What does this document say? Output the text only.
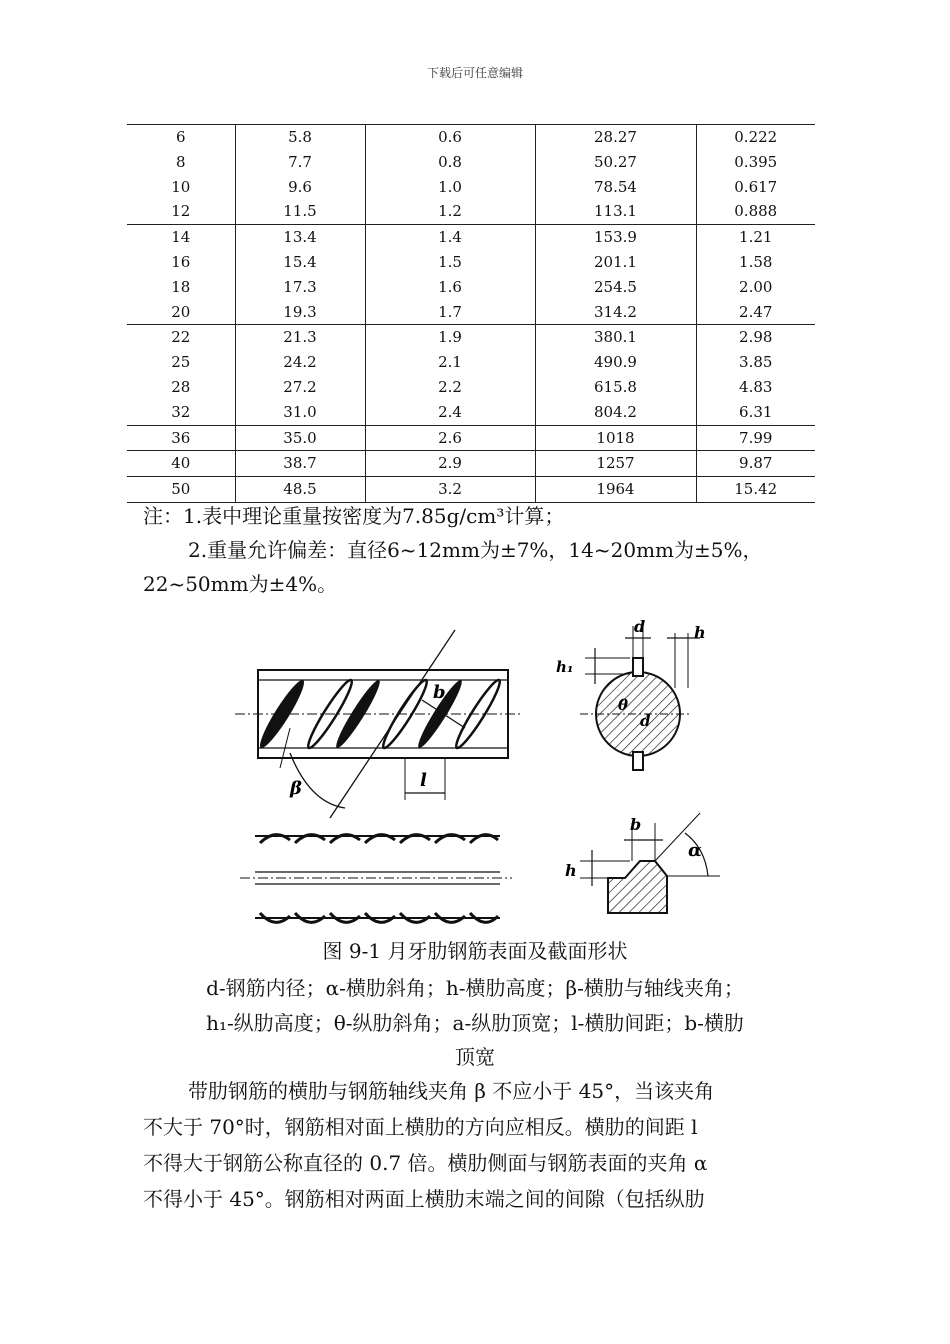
下载后可任意编辑
6	5.8	0.6	28.27	0.222
8	7.7	0.8	50.27	0.395
10	9.6	1.0	78.54	0.617
12	11.5	1.2	113.1	0.888
14	13.4	1.4	153.9	1.21
16	15.4	1.5	201.1	1.58
18	17.3	1.6	254.5	2.00
20	19.3	1.7	314.2	2.47
22	21.3	1.9	380.1	2.98
25	24.2	2.1	490.9	3.85
28	27.2	2.2	615.8	4.83
32	31.0	2.4	804.2	6.31
36	35.0	2.6	1018	7.99
40	38.7	2.9	1257	9.87
50	48.5	3.2	1964	15.42
注：1.表中理论重量按密度为7.85g/cm³计算；
2.重量允许偏差：直径6~12mm为±7%，14~20mm为±5%，
22~50mm为±4%。
b
l
β
d	h
h₁
θ
d
b
α
h
图 9-1 月牙肋钢筋表面及截面形状
d-钢筋内径；α-横肋斜角；h-横肋高度；β-横肋与轴线夹角；
h₁-纵肋高度；θ-纵肋斜角；a-纵肋顶宽；l-横肋间距；b-横肋
顶宽
带肋钢筋的横肋与钢筋轴线夹角 β 不应小于 45°，当该夹角
不大于 70°时，钢筋相对面上横肋的方向应相反。横肋的间距 l
不得大于钢筋公称直径的 0.7 倍。横肋侧面与钢筋表面的夹角 α
不得小于 45°。钢筋相对两面上横肋末端之间的间隙（包括纵肋
